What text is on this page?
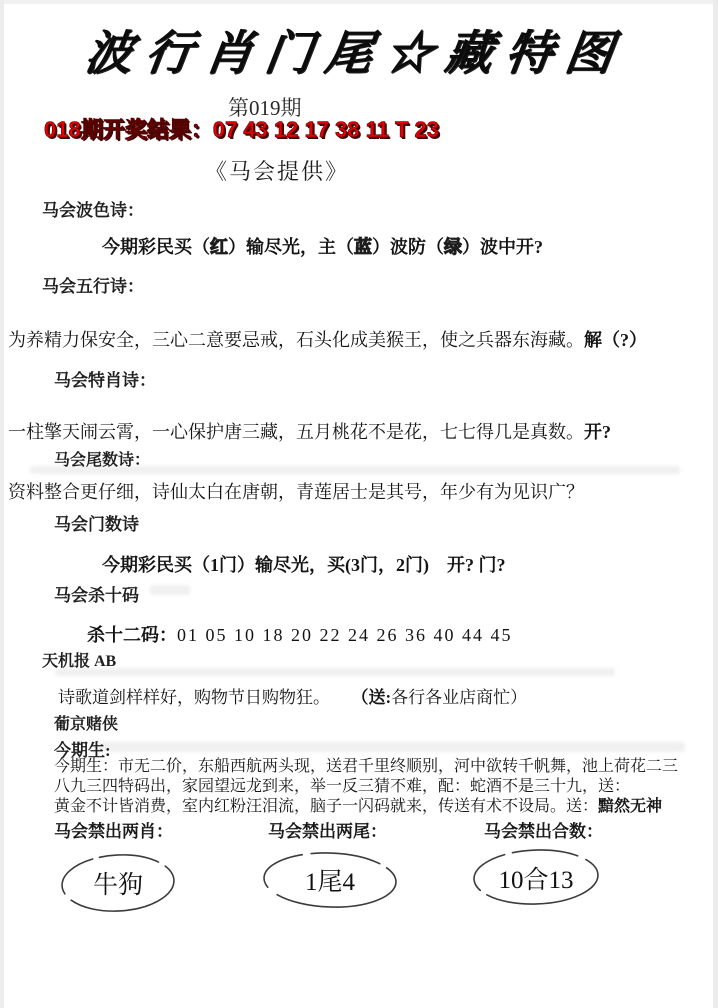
波行肖门尾☆藏特图
第019期
018期开奖结果：07 43 12 17 38 11 T 23
《马会提供》
马会波色诗：
今期彩民买（红）输尽光，主（蓝）波防（绿）波中开?
马会五行诗：
为养精力保安全，三心二意要忌戒，石头化成美猴王，使之兵器东海藏。解（?）
马会特肖诗：
一柱擎天闹云霄，一心保护唐三藏，五月桃花不是花，七七得几是真数。开?
马会尾数诗：
资料整合更仔细，诗仙太白在唐朝，青莲居士是其号，年少有为见识广？
马会门数诗
今期彩民买（1门）输尽光，买(3门，2门)　开? 门?
马会杀十码
杀十二码：01 05 10 18 20 22 24 26 36 40 44 45
天机报 AB
诗歌道剑样样好，购物节日购物狂。 （送:各行各业店商忙）
葡京赌侠
今期生:
今期生：市无二价，东船西航两头现，送君千里终顺别，河中欲转千帆舞，池上荷花二三
八九三四特码出，家园望远龙到来，举一反三猜不难，配：蛇酒不是三十九，送：
黄金不计皆消费，室内红粉汪泪流，脑子一闪码就来，传送有术不设局。送：黯然无神
马会禁出两肖：	马会禁出两尾：	马会禁出合数：
牛狗	1尾4	10合13
